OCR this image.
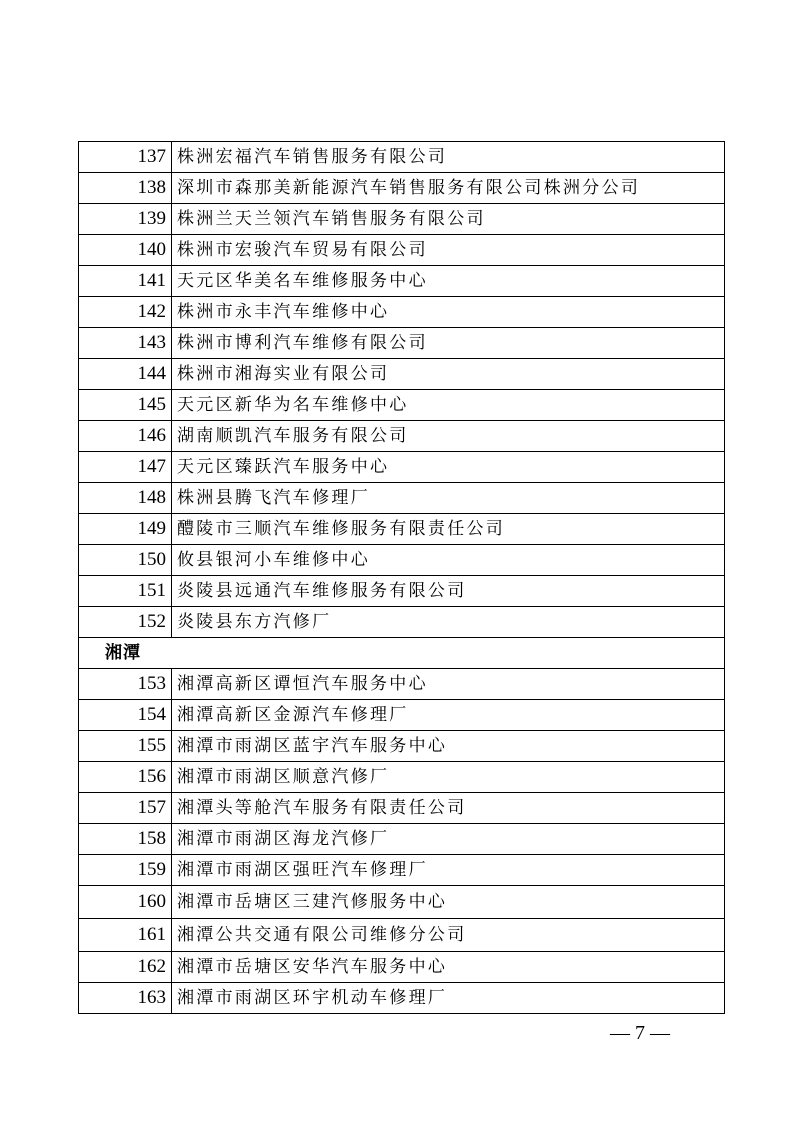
137	株洲宏福汽车销售服务有限公司
138	深圳市森那美新能源汽车销售服务有限公司株洲分公司
139	株洲兰天兰领汽车销售服务有限公司
140	株洲市宏骏汽车贸易有限公司
141	天元区华美名车维修服务中心
142	株洲市永丰汽车维修中心
143	株洲市博利汽车维修有限公司
144	株洲市湘海实业有限公司
145	天元区新华为名车维修中心
146	湖南顺凯汽车服务有限公司
147	天元区臻跃汽车服务中心
148	株洲县腾飞汽车修理厂
149	醴陵市三顺汽车维修服务有限责任公司
150	攸县银河小车维修中心
151	炎陵县远通汽车维修服务有限公司
152	炎陵县东方汽修厂
湘潭	
153	湘潭高新区谭恒汽车服务中心
154	湘潭高新区金源汽车修理厂
155	湘潭市雨湖区蓝宇汽车服务中心
156	湘潭市雨湖区顺意汽修厂
157	湘潭头等舱汽车服务有限责任公司
158	湘潭市雨湖区海龙汽修厂
159	湘潭市雨湖区强旺汽车修理厂
160	湘潭市岳塘区三建汽修服务中心
161	湘潭公共交通有限公司维修分公司
162	湘潭市岳塘区安华汽车服务中心
163	湘潭市雨湖区环宇机动车修理厂
— 7 —
